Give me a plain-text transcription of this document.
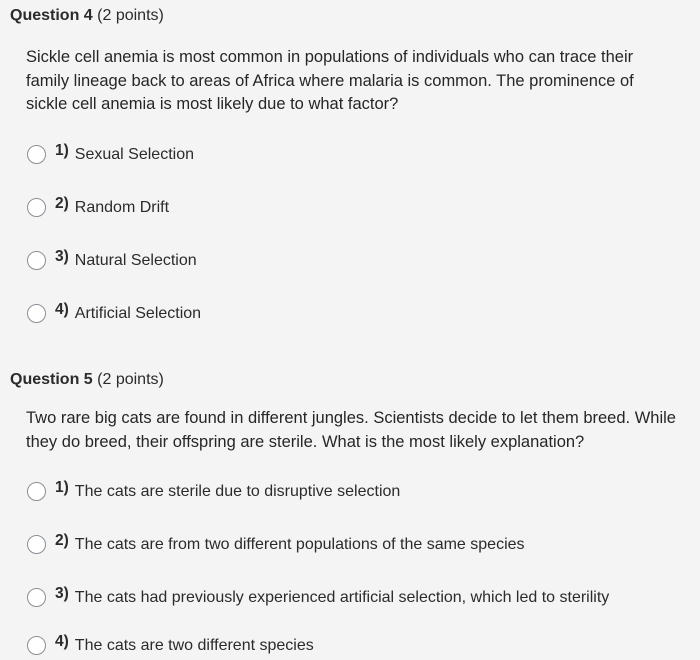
Question 4 (2 points)
Sickle cell anemia is most common in populations of individuals who can trace their family lineage back to areas of Africa where malaria is common. The prominence of sickle cell anemia is most likely due to what factor?
1) Sexual Selection
2) Random Drift
3) Natural Selection
4) Artificial Selection
Question 5 (2 points)
Two rare big cats are found in different jungles. Scientists decide to let them breed. While they do breed, their offspring are sterile. What is the most likely explanation?
1) The cats are sterile due to disruptive selection
2) The cats are from two different populations of the same species
3) The cats had previously experienced artificial selection, which led to sterility
4) The cats are two different species
